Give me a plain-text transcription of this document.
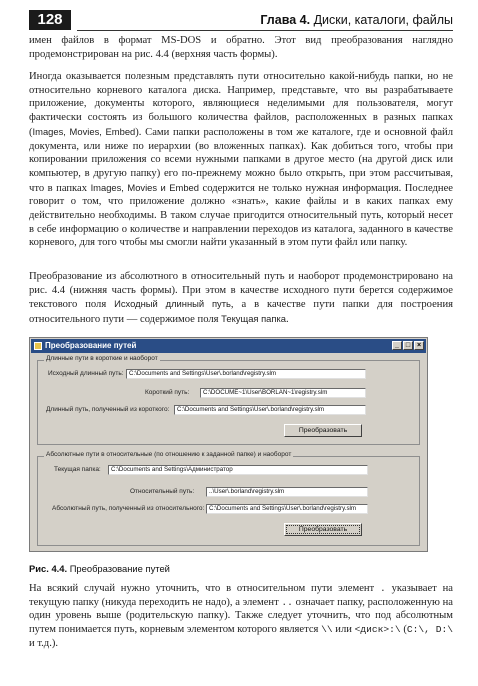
128	Глава 4. Диски, каталоги, файлы

имен файлов в формат MS-DOS и обратно. Этот вид преобразования наглядно продемонстрирован на рис. 4.4 (верхняя часть формы).

Иногда оказывается полезным представлять пути относительно какой-нибудь папки, но не относительно корневого каталога диска. Например, представьте, что вы разрабатываете приложение, документы которого, являющиеся неделимыми для пользователя, могут фактически состоять из большого количества файлов, расположенных в разных папках (Images, Movies, Embed). Сами папки расположены в том же каталоге, где и основной файл документа, или ниже по иерархии (во вложенных папках). Как добиться того, чтобы при копировании приложения со всеми нужными папками в другое место (на другой диск или компьютер, в другую папку) его по-прежнему можно было открыть, при этом рассчитывая, что в папках Images, Movies и Embed содержится не только нужная информация. Последнее говорит о том, что приложение должно «знать», какие файлы и в каких папках ему действительно необходимы. В таком случае пригодится относительный путь, который несет в себе информацию о количестве и направлении переходов из каталога, заданного в качестве корневого, для того чтобы мы смогли найти указанный в этом пути файл или папку.

Преобразование из абсолютного в относительный путь и наоборот продемонстрировано на рис. 4.4 (нижняя часть формы). При этом в качестве исходного пути берется содержимое текстового поля Исходный длинный путь, а в качестве пути папки для построения относительного пути — содержимое поля Текущая папка.

Преобразование путей	_ □ ×
Длинные пути в короткие и наоборот
Исходный длинный путь: C:\Documents and Settings\User\.borland\registry.slm
Короткий путь:	C:\DOCUME~1\User\BORLAN~1\registry.slm
Длинный путь, полученный из короткого:	C:\Documents and Settings\User\.borland\registry.slm
Преобразовать
Абсолютные пути в относительные (по отношению к заданной папке) и наоборот
Текущая папка:	C:\Documents and Settings\Администратор
Относительный путь:	..\User\.borland\registry.slm
Абсолютный путь, полученный из относительного: C:\Documents and Settings\User\.borland\registry.slm
Преобразовать
Рис. 4.4. Преобразование путей

На всякий случай нужно уточнить, что в относительном пути элемент . указывает на текущую папку (никуда переходить не надо), а элемент .. означает папку, расположенную на один уровень выше (родительскую папку). Также следует уточнить, что под абсолютным путем понимается путь, корневым элементом которого является \\ или <диск>:\ (C:\, D:\ и т.д.).
